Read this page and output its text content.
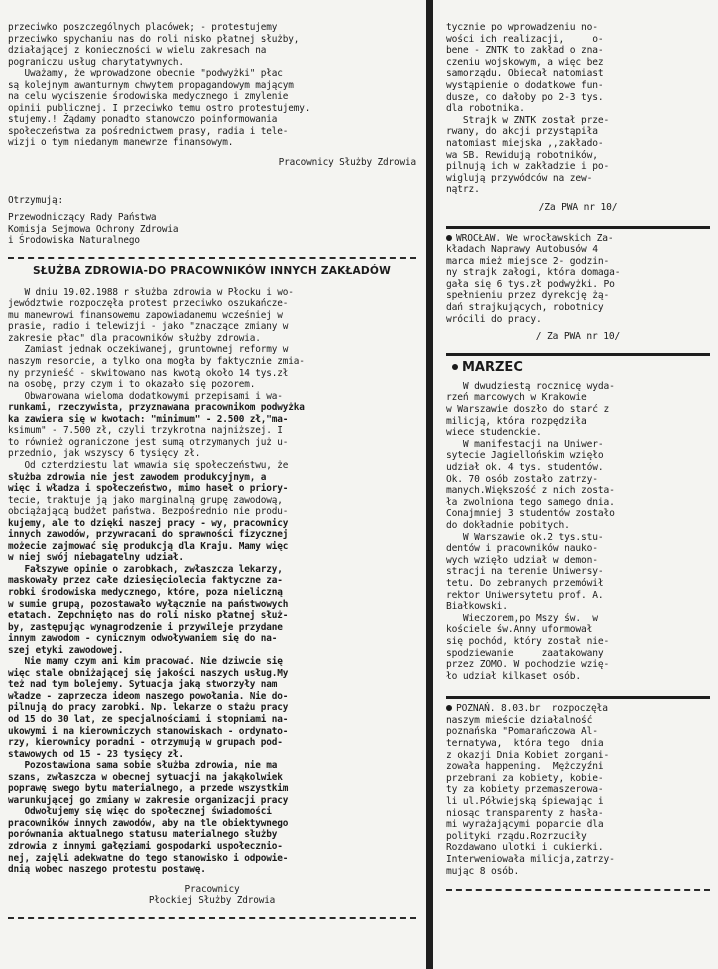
przeciwko poszczególnych placówek; - protestujemy

przeciwko spychaniu nas do roli nisko płatnej służby,

działającej z konieczności w wielu zakresach na

pograniczu usług charytatywnych.

Uważamy, że wprowadzone obecnie "podwyżki" płac

są kolejnym awanturnym chwytem propagandowym mającym

na celu wyciszenie środowiska medycznego i zmylenie

opinii publicznej. I przeciwko temu ostro protestujemy.

stujemy.! Żądamy ponadto stanowczo poinformowania

społeczeństwa za pośrednictwem prasy, radia i tele-

wizji o tym niedanym manewrze finansowym.

Pracownicy Służby Zdrowia

Otrzymują:

Przewodniczący Rady Państwa

Komisja Sejmowa Ochrony Zdrowia

i Środowiska Naturalnego

SŁUŻBA ZDROWIA-DO PRACOWNIKÓW INNYCH ZAKŁADÓW

W dniu 19.02.1988 r służba zdrowia w Płocku i wo-

jewództwie rozpoczęła protest przeciwko oszukańcze-

mu manewrowi finansowemu zapowiadanemu wcześniej w

prasie, radio i telewizji - jako "znaczące zmiany w

zakresie płac" dla pracowników służby zdrowia.

Zamiast jednak oczekiwanej, gruntownej reformy w

naszym resorcie, a tylko ona mogła by faktycznie zmia-

ny przynieść - skwitowano nas kwotą około 14 tys.zł

na osobę, przy czym i to okazało się pozorem.

Obwarowana wieloma dodatkowymi przepisami i wa-

runkami, rzeczywista, przyznawana pracownikom podwyżka

ka zawiera się w kwotach: "minimum" - 2.500 zł,"ma-

ksimum" - 7.500 zł, czyli trzykrotna najniższej. I

to również ograniczone jest sumą otrzymanych już u-

przednio, jak wszyscy 6 tysięcy zł.

Od czterdziestu lat wmawia się społeczeństwu, że

służba zdrowia nie jest zawodem produkcyjnym, a

więc i władza i społeczeństwo, mimo haseł o priory-

tecie, traktuje ją jako marginalną grupę zawodową,

obciążającą budżet państwa. Bezpośrednio nie produ-

kujemy, ale to dzięki naszej pracy - wy, pracownicy

innych zawodów, przywracani do sprawności fizycznej

możecie zajmować się produkcją dla Kraju. Mamy więc

w niej swój niebagatelny udział.

Fałszywe opinie o zarobkach, zwłaszcza lekarzy,

maskowały przez całe dziesięciolecia faktyczne za-

robki środowiska medycznego, które, poza nieliczną

w sumie grupą, pozostawało wyłącznie na państwowych

etatach. Zepchnięto nas do roli nisko płatnej służ-

by, zastępując wynagrodzenie i przywileje przydane

innym zawodom - cynicznym odwoływaniem się do na-

szej etyki zawodowej.

Nie mamy czym ani kim pracować. Nie dziwcie się

więc stale obniżającej się jakości naszych usług.My

też nad tym bolejemy. Sytuacja jaką stworzyły nam

władze - zaprzecza ideom naszego powołania. Nie do-

pilnują do pracy zarobki. Np. lekarze o stażu pracy

od 15 do 30 lat, ze specjalnościami i stopniami na-

ukowymi i na kierowniczych stanowiskach - ordynato-

rzy, kierownicy poradni - otrzymują w grupach pod-

stawowych od 15 - 23 tysięcy zł.

Pozostawiona sama sobie służba zdrowia, nie ma

szans, zwłaszcza w obecnej sytuacji na jakąkolwiek

poprawę swego bytu materialnego, a przede wszystkim

warunkującej go zmiany w zakresie organizacji pracy

Odwołujemy się więc do społecznej świadomości

pracowników innych zawodów, aby na tle obiektywnego

porównania aktualnego statusu materialnego służby

zdrowia z innymi gałęziami gospodarki uspołecznio-

nej, zajęli adekwatne do tego stanowisko i odpowie-

dnią wobec naszego protestu postawę.

Pracownicy

Płockiej Służby Zdrowia

tycznie po wprowadzeniu no-

wości ich realizacji,     o-

bene - ZNTK to zakład o zna-

czeniu wojskowym, a więc bez

samorządu. Obiecał natomiast

wystąpienie o dodatkowe fun-

dusze, co dałoby po 2-3 tys.

dla robotnika.

Strajk w ZNTK został prze-

rwany, do akcji przystąpiła

natomiast miejska ,,zakłado-

wa SB. Rewidują robotników,

pilnują ich w zakładzie i po-

wiglują przywódców na zew-

nątrz.

/Za PWA nr 10/

WROCŁAW. We wrocławskich Za-

kładach Naprawy Autobusów 4

marca mież miejsce 2- godzin-

ny strajk załogi, która domaga-

gała się 6 tys.zł podwyżki. Po

spełnieniu przez dyrekcję żą-

dań strajkujących, robotnicy

wrócili do pracy.

/ Za PWA nr 10/

MARZEC

W dwudziestą rocznicę wyda-

rzeń marcowych w Krakowie

w Warszawie doszło do starć z

milicją, która rozpędziła

wiece studenckie.

W manifestacji na Uniwer-

sytecie Jagiellońskim wzięło

udział ok. 4 tys. studentów.

Ok. 70 osób zostało zatrzy-

manych.Większość z nich zosta-

ła zwolniona tego samego dnia.

Conajmniej 3 studentów zostało

do dokładnie pobitych.

W Warszawie ok.2 tys.stu-

dentów i pracowników nauko-

wych wzięło udział w demon-

stracji na terenie Uniwersy-

tetu. Do zebranych przemówił

rektor Uniwersytetu prof. A.

Białkowski.

Wieczorem,po Mszy św.  w

kościele św.Anny uformował

się pochód, który został nie-

spodziewanie     zaatakowany

przez ZOMO. W pochodzie wzię-

ło udział kilkaset osób.

POZNAŃ. 8.03.br  rozpoczęła

naszym mieście działalność

poznańska "Pomarańczowa Al-

ternatywa,  która tego  dnia

z okazji Dnia Kobiet zorgani-

zowała happening.  Mężczyźni

przebrani za kobiety, kobie-

ty za kobiety przemaszerowa-

li ul.Półwiejską śpiewając i

niosąc transparenty z hasła-

mi wyrażającymi poparcie dla

polityki rządu.Rozrzuciły

Rozdawano ulotki i cukierki.

Interweniowała milicja,zatrzy-

mując 8 osób.
